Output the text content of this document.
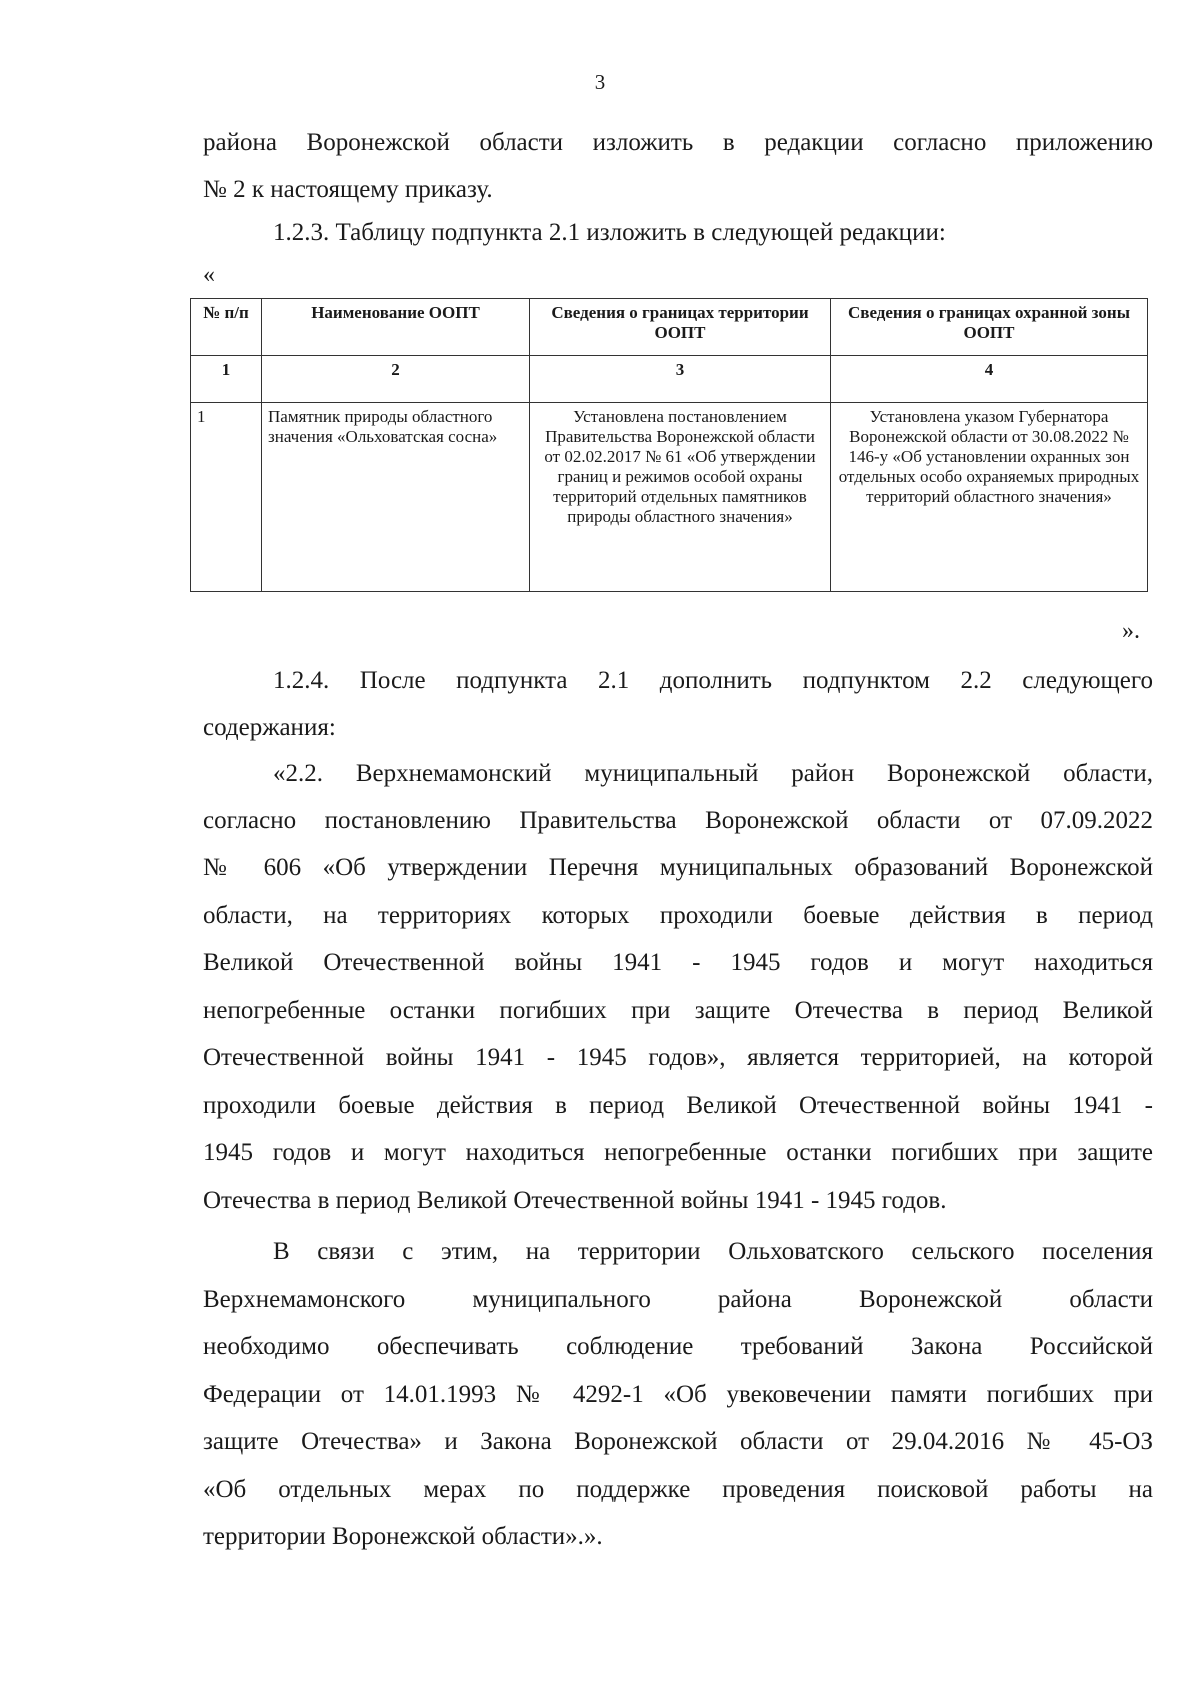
3
района Воронежской области изложить в редакции согласно приложению
№ 2 к настоящему приказу.
1.2.3. Таблицу подпункта 2.1 изложить в следующей редакции:
«
№ п/п	Наименование ООПТ	Сведения о границах территории ООПТ	Сведения о границах охранной зоны ООПТ
1	2	3	4
1	Памятник природы областного значения «Ольховатская сосна»	Установлена постановлением Правительства Воронежской области от 02.02.2017 № 61 «Об утверждении границ и режимов особой охраны территорий отдельных памятников природы областного значения»	Установлена указом Губернатора Воронежской области от 30.08.2022 № 146-у «Об установлении охранных зон отдельных особо охраняемых природных территорий областного значения»
».
1.2.4. После подпункта 2.1 дополнить подпунктом 2.2 следующего
содержания:
«2.2. Верхнемамонский муниципальный район Воронежской области,
согласно постановлению Правительства Воронежской области от 07.09.2022
№ 606 «Об утверждении Перечня муниципальных образований Воронежской
области, на территориях которых проходили боевые действия в период
Великой Отечественной войны 1941 - 1945 годов и могут находиться
непогребенные останки погибших при защите Отечества в период Великой
Отечественной войны 1941 - 1945 годов», является территорией, на которой
проходили боевые действия в период Великой Отечественной войны 1941 -
1945 годов и могут находиться непогребенные останки погибших при защите
Отечества в период Великой Отечественной войны 1941 - 1945 годов.
В связи с этим, на территории Ольховатского сельского поселения
Верхнемамонского муниципального района Воронежской области
необходимо обеспечивать соблюдение требований Закона Российской
Федерации от 14.01.1993 № 4292-1 «Об увековечении памяти погибших при
защите Отечества» и Закона Воронежской области от 29.04.2016 № 45-ОЗ
«Об отдельных мерах по поддержке проведения поисковой работы на
территории Воронежской области».».
